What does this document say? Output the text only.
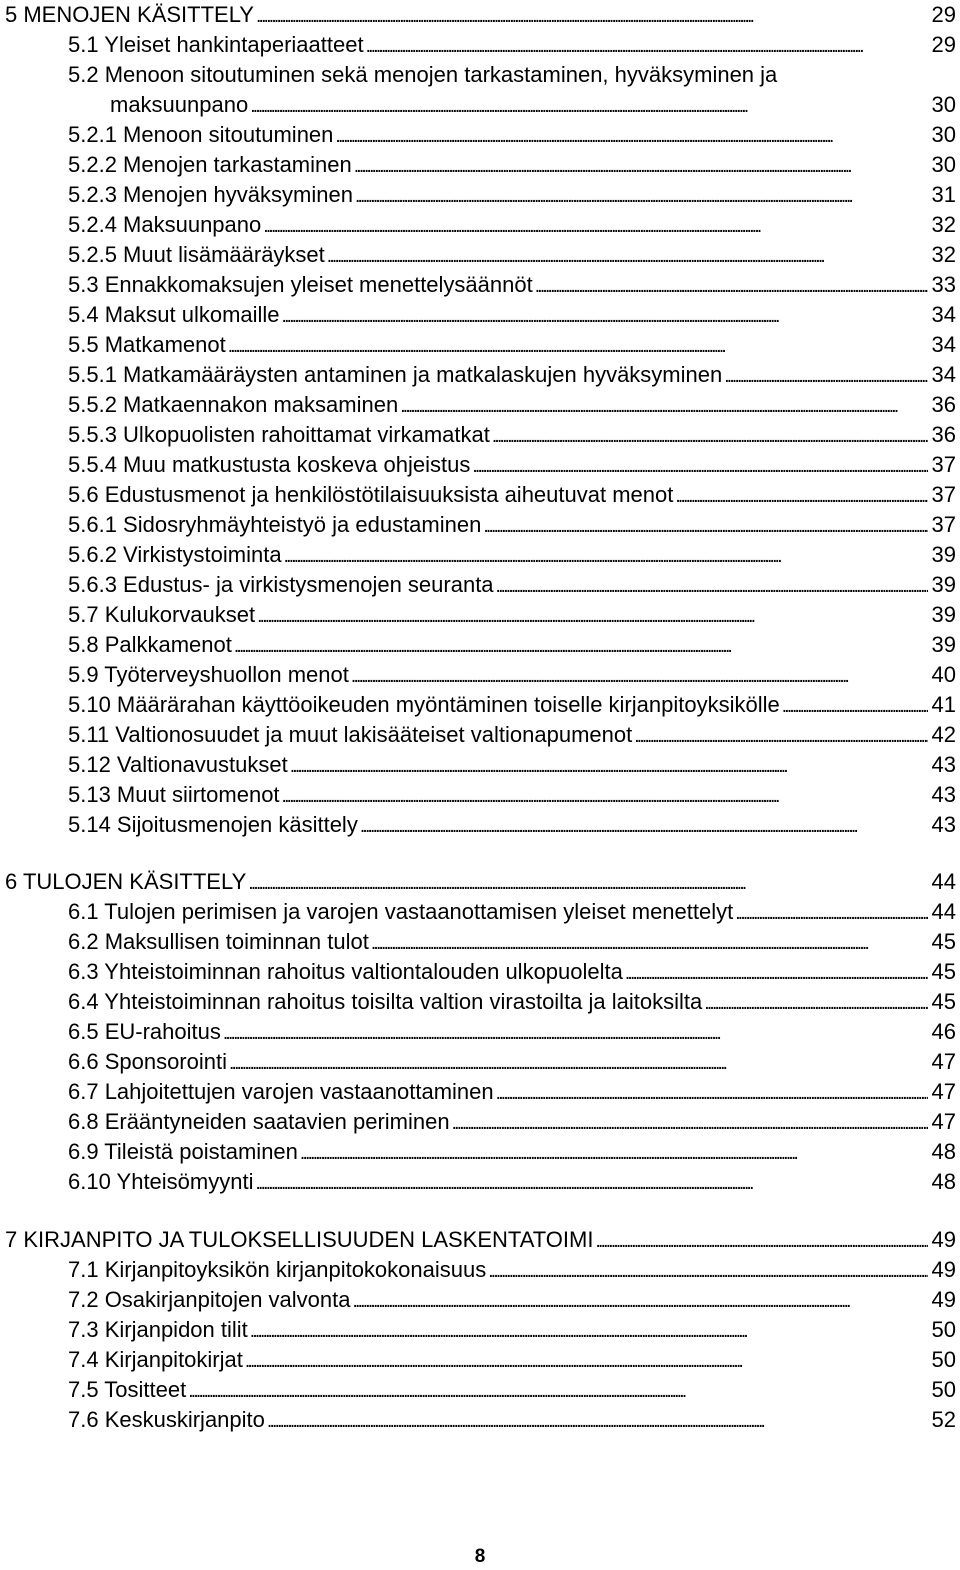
5 MENOJEN KÄSITTELY . . .	29
5.1 Yleiset hankintaperiaatteet . . .	29
5.2 Menoon sitoutuminen sekä menojen tarkastaminen, hyväksyminen ja
maksuunpano . . .	30
5.2.1 Menoon sitoutuminen . . .	30
5.2.2 Menojen tarkastaminen . . .	30
5.2.3 Menojen hyväksyminen . . .	31
5.2.4 Maksuunpano . . .	32
5.2.5 Muut lisämääräykset . . .	32
5.3 Ennakkomaksujen yleiset menettelysäännöt . . .	33
5.4 Maksut ulkomaille . . .	34
5.5 Matkamenot . . .	34
5.5.1 Matkamääräysten antaminen ja matkalaskujen hyväksyminen . . .	34
5.5.2 Matkaennakon maksaminen . . .	36
5.5.3 Ulkopuolisten rahoittamat virkamatkat . . .	36
5.5.4 Muu matkustusta koskeva ohjeistus . . .	37
5.6 Edustusmenot ja henkilöstötilaisuuksista aiheutuvat menot . . .	37
5.6.1 Sidosryhmäyhteistyö ja edustaminen . . .	37
5.6.2 Virkistystoiminta . . .	39
5.6.3 Edustus- ja virkistysmenojen seuranta . . .	39
5.7 Kulukorvaukset . . .	39
5.8 Palkkamenot . . .	39
5.9 Työterveyshuollon menot . . .	40
5.10 Määrärahan käyttöoikeuden myöntäminen toiselle kirjanpitoyksikölle . . .	41
5.11 Valtionosuudet ja muut lakisääteiset valtionapumenot . . .	42
5.12 Valtionavustukset . . .	43
5.13 Muut siirtomenot . . .	43
5.14 Sijoitusmenojen käsittely . . .	43
6 TULOJEN KÄSITTELY . . .	44
6.1 Tulojen perimisen ja varojen vastaanottamisen yleiset menettelyt . . .	44
6.2 Maksullisen toiminnan tulot . . .	45
6.3 Yhteistoiminnan rahoitus valtiontalouden ulkopuolelta . . .	45
6.4 Yhteistoiminnan rahoitus toisilta valtion virastoilta ja laitoksilta . . .	45
6.5 EU-rahoitus . . .	46
6.6 Sponsorointi . . .	47
6.7 Lahjoitettujen varojen vastaanottaminen . . .	47
6.8 Erääntyneiden saatavien periminen . . .	47
6.9 Tileistä poistaminen . . .	48
6.10 Yhteisömyynti . . .	48
7 KIRJANPITO JA TULOKSELLISUUDEN LASKENTATOIMI . . .	49
7.1 Kirjanpitoyksikön kirjanpitokokonaisuus . . .	49
7.2 Osakirjanpitojen valvonta . . .	49
7.3 Kirjanpidon tilit . . .	50
7.4 Kirjanpitokirjat . . .	50
7.5 Tositteet . . .	50
7.6 Keskuskirjanpito . . .	52
8
